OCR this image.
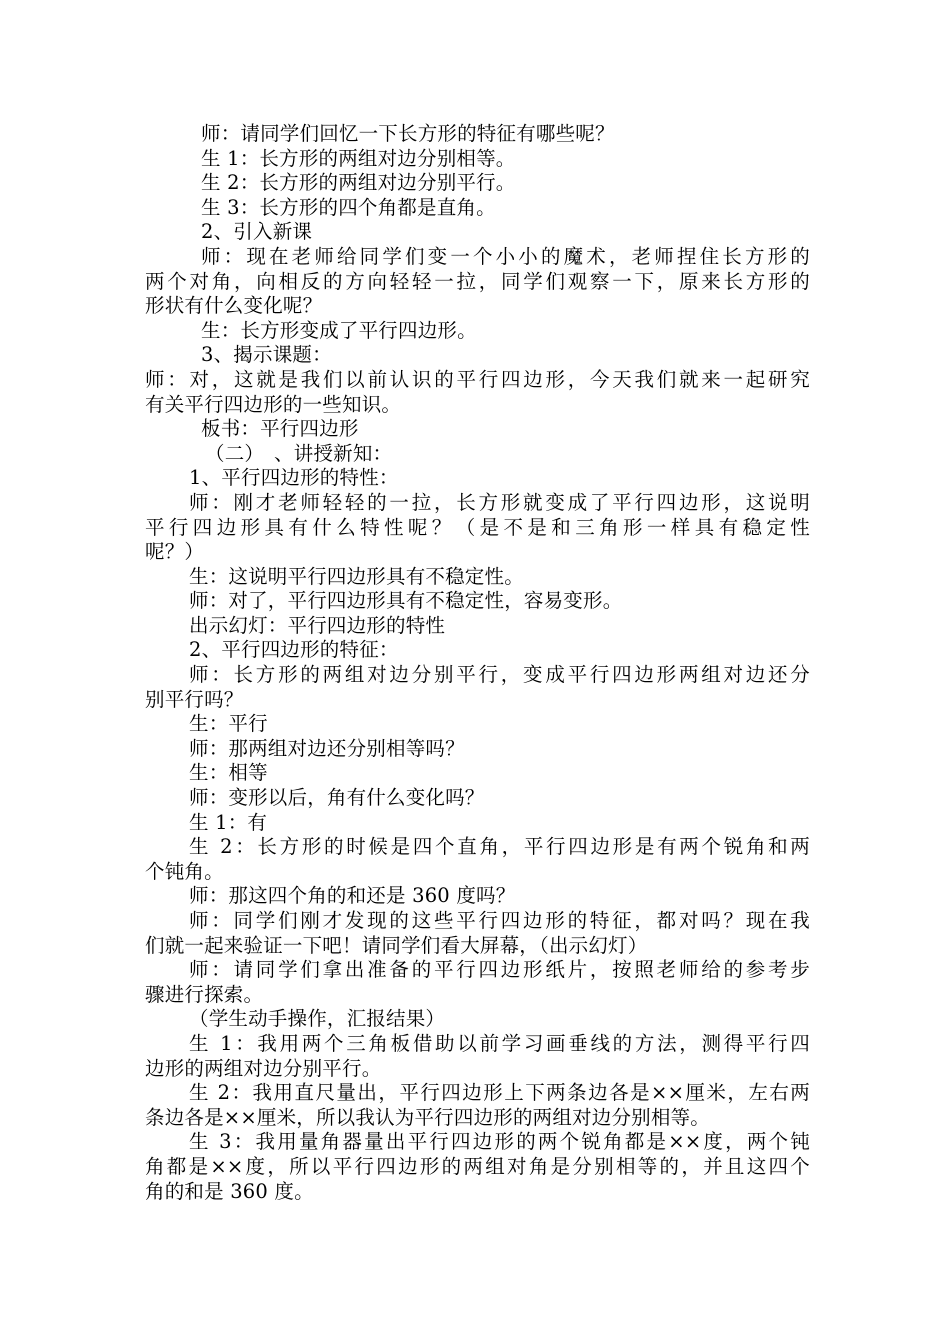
师：请同学们回忆一下长方形的特征有哪些呢？
生 1：长方形的两组对边分别相等。
生 2：长方形的两组对边分别平行。
生 3：长方形的四个角都是直角。
2、引入新课
师：现在老师给同学们变一个小小的魔术，老师捏住长方形的
两个对角，向相反的方向轻轻一拉，同学们观察一下，原来长方形的
形状有什么变化呢？
生：长方形变成了平行四边形。
3、揭示课题：
师：对，这就是我们以前认识的平行四边形，今天我们就来一起研究
有关平行四边形的一些知识。
板书：平行四边形
（二）　、讲授新知：
1、平行四边形的特性：
师：刚才老师轻轻的一拉，长方形就变成了平行四边形，这说明
平行四边形具有什么特性呢？（是不是和三角形一样具有稳定性
呢？）
生：这说明平行四边形具有不稳定性。
师：对了，平行四边形具有不稳定性，容易变形。
出示幻灯：平行四边形的特性
2、平行四边形的特征：
师：长方形的两组对边分别平行，变成平行四边形两组对边还分
别平行吗？
生：平行
师：那两组对边还分别相等吗？
生：相等
师：变形以后，角有什么变化吗？
生 1：有
生 2：长方形的时候是四个直角，平行四边形是有两个锐角和两
个钝角。
师：那这四个角的和还是 360 度吗？
师：同学们刚才发现的这些平行四边形的特征，都对吗？现在我
们就一起来验证一下吧！请同学们看大屏幕，（出示幻灯）
师：请同学们拿出准备的平行四边形纸片，按照老师给的参考步
骤进行探索。
（学生动手操作，汇报结果）
生 1：我用两个三角板借助以前学习画垂线的方法，测得平行四
边形的两组对边分别平行。
生 2：我用直尺量出，平行四边形上下两条边各是××厘米，左右两
条边各是××厘米，所以我认为平行四边形的两组对边分别相等。
生 3：我用量角器量出平行四边形的两个锐角都是××度，两个钝
角都是××度，所以平行四边形的两组对角是分别相等的，并且这四个
角的和是 360 度。
